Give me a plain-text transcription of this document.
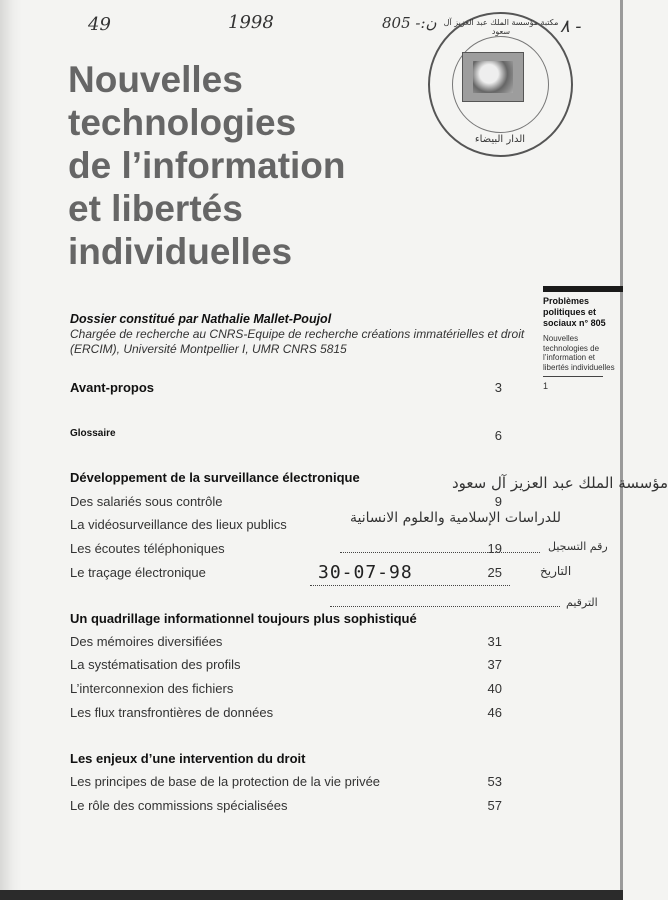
49	1998	805 -:ن	٨ -
مكتبة مؤسسة الملك عبد العزيز آل سعود
الدار البيضاء
Nouvelles
technologies
de l’information
et libertés
individuelles
Problèmes politiques et sociaux n° 805
Nouvelles technologies de l’information et libertés individuelles
1
Dossier constitué par Nathalie Mallet-Poujol
Chargée de recherche au CNRS-Equipe de recherche créations immatérielles et droit (ERCIM), Université Montpellier I, UMR CNRS 5815
Avant-propos	3
Glossaire	6
Développement de la surveillance électronique
Des salariés sous contrôle	9
La vidéosurveillance des lieux publics
Les écoutes téléphoniques	19
Le traçage électronique	25
مؤسسة الملك عبد العزيز آل سعود
للدراسات الإسلامية والعلوم الانسانية
رقم التسجيل
التاريخ
30-07-98
الترقيم
Un quadrillage informationnel toujours plus sophistiqué
Des mémoires diversifiées	31
La systématisation des profils	37
L’interconnexion des fichiers	40
Les flux transfrontières de données	46
Les enjeux d’une intervention du droit
Les principes de base de la protection de la vie privée	53
Le rôle des commissions spécialisées	57
